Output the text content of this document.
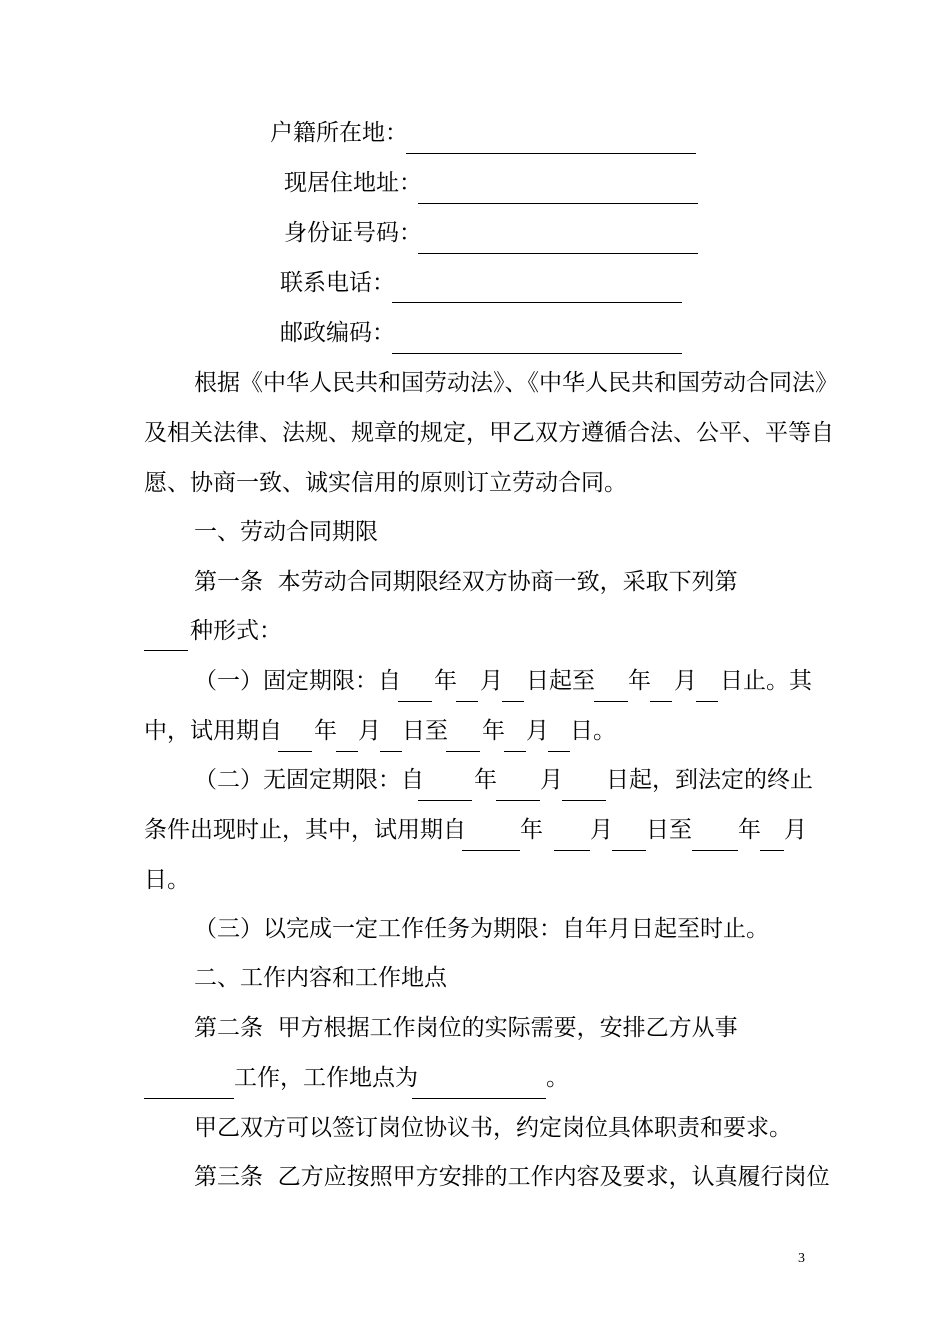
户籍所在地：
现居住地址：
身份证号码：
联系电话：
邮政编码：
根据《中华人民共和国劳动法》、《中华人民共和国劳动合同法》
及相关法律、法规、规章的规定，甲乙双方遵循合法、公平、平等自
愿、协商一致、诚实信用的原则订立劳动合同。
一、劳动合同期限
第一条  本劳动合同期限经双方协商一致，采取下列第
种形式：
（一）固定期限：自 年 月 日起至 年 月 日止。其
中，试用期自 年 月 日至 年 月 日。
（二）无固定期限：自 年 月 日起，到法定的终止
条件出现时止，其中，试用期自 年 月 日至 年 月
日。
（三）以完成一定工作任务为期限：自年月日起至时止。
二、工作内容和工作地点
第二条  甲方根据工作岗位的实际需要，安排乙方从事
工作，工作地点为	。
甲乙双方可以签订岗位协议书，约定岗位具体职责和要求。
第三条  乙方应按照甲方安排的工作内容及要求，认真履行岗位
3
